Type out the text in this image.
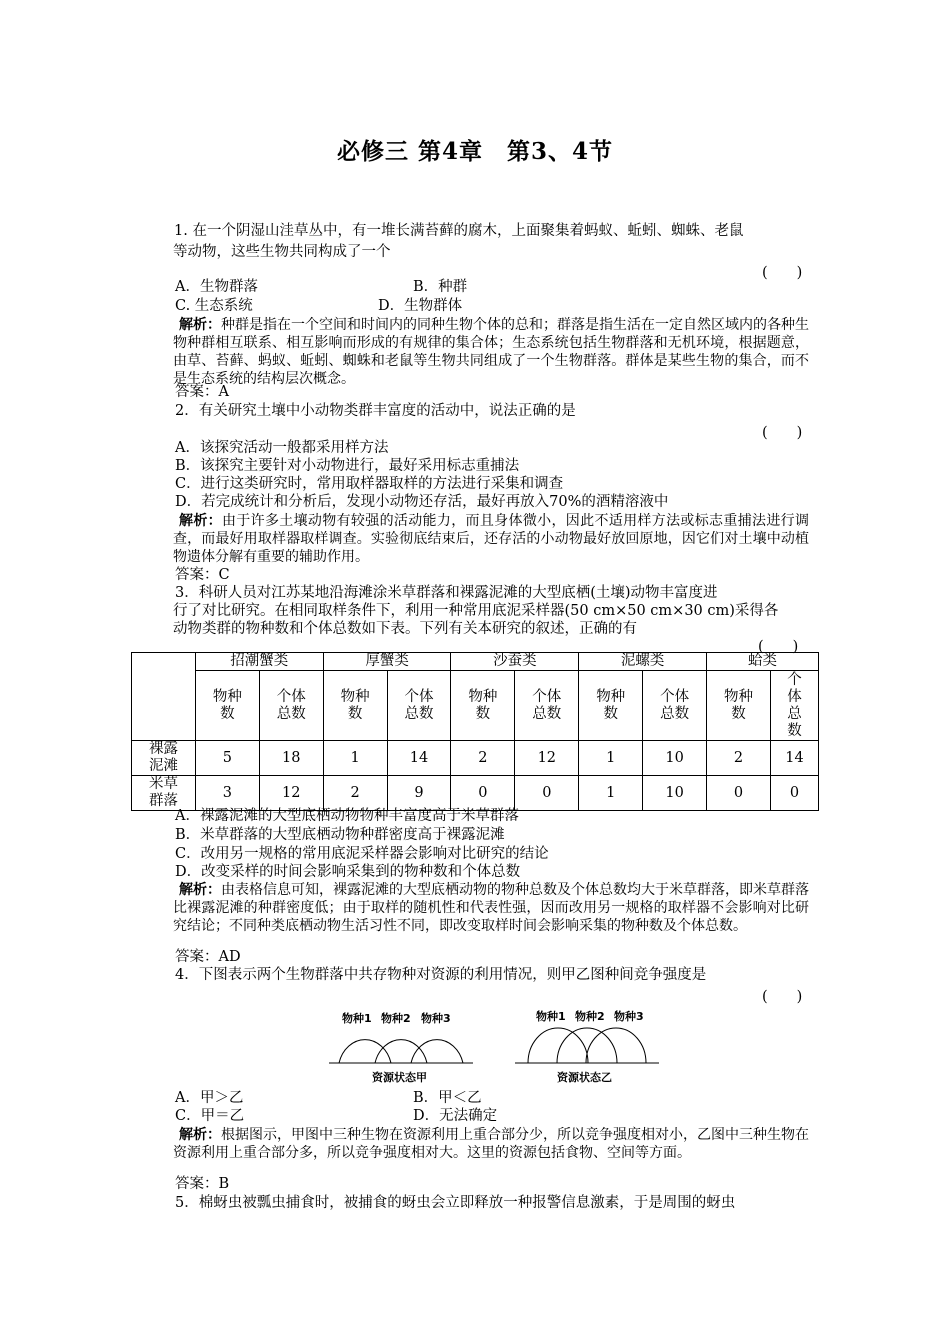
必修三 第4章　第3、4节
1. 在一个阴湿山洼草丛中，有一堆长满苔藓的腐木，上面聚集着蚂蚁、蚯蚓、蜘蛛、老鼠
等动物，这些生物共同构成了一个
(　　)
A．生物群落	B．种群
C. 生态系统	D．生物群体
解析：种群是指在一个空间和时间内的同种生物个体的总和；群落是指生活在一定自然区域内的各种生物种群相互联系、相互影响而形成的有规律的集合体；生态系统包括生物群落和无机环境，根据题意，由草、苔藓、蚂蚁、蚯蚓、蜘蛛和老鼠等生物共同组成了一个生物群落。群体是某些生物的集合，而不是生态系统的结构层次概念。
答案：A
2．有关研究土壤中小动物类群丰富度的活动中，说法正确的是
(　　)
A．该探究活动一般都采用样方法
B．该探究主要针对小动物进行，最好采用标志重捕法
C．进行这类研究时，常用取样器取样的方法进行采集和调查
D．若完成统计和分析后，发现小动物还存活，最好再放入70%的酒精溶液中
解析：由于许多土壤动物有较强的活动能力，而且身体微小，因此不适用样方法或标志重捕法进行调查，而最好用取样器取样调查。实验彻底结束后，还存活的小动物最好放回原地，因它们对土壤中动植物遗体分解有重要的辅助作用。
答案：C
3．科研人员对江苏某地沿海滩涂米草群落和裸露泥滩的大型底栖(土壤)动物丰富度进
行了对比研究。在相同取样条件下，利用一种常用底泥采样器(50 cm×50 cm×30 cm)采得各
动物类群的物种数和个体总数如下表。下列有关本研究的叙述，正确的有
(　　)
	招潮蟹类		厚蟹类		沙蚕类		泥螺类		蛤类	
	物种数	个体总数	物种数	个体总数	物种数	个体总数	物种数	个体总数	物种数	个体总数
裸露泥滩	5	18	1	14	2	12	1	10	2	14
米草群落	3	12	2	9	0	0	1	10	0	0
A．裸露泥滩的大型底栖动物物种丰富度高于米草群落
B．米草群落的大型底栖动物种群密度高于裸露泥滩
C．改用另一规格的常用底泥采样器会影响对比研究的结论
D．改变采样的时间会影响采集到的物种数和个体总数
解析：由表格信息可知，裸露泥滩的大型底栖动物的物种总数及个体总数均大于米草群落，即米草群落比裸露泥滩的种群密度低；由于取样的随机性和代表性强，因而改用另一规格的取样器不会影响对比研究结论；不同种类底栖动物生活习性不同，即改变取样时间会影响采集的物种数及个体总数。
答案：AD
4．下图表示两个生物群落中共存物种对资源的利用情况，则甲乙图种间竞争强度是
(　　)
物种1 物种2 物种3	物种1 物种2 物种3
资源状态甲	资源状态乙
A．甲＞乙	B．甲＜乙
C．甲＝乙	D．无法确定
解析：根据图示，甲图中三种生物在资源利用上重合部分少，所以竞争强度相对小，乙图中三种生物在资源利用上重合部分多，所以竞争强度相对大。这里的资源包括食物、空间等方面。
答案：B
5．棉蚜虫被瓢虫捕食时，被捕食的蚜虫会立即释放一种报警信息激素，于是周围的蚜虫
